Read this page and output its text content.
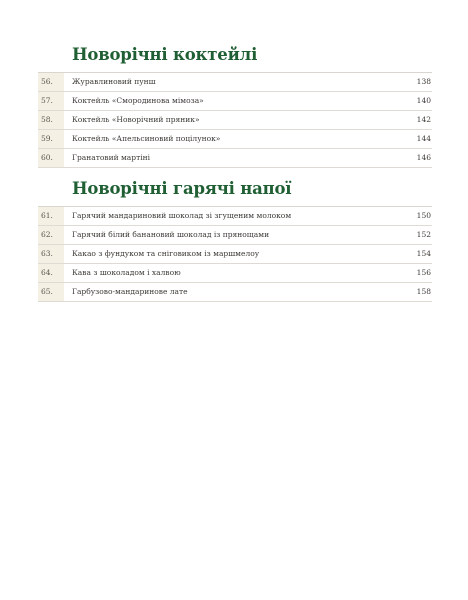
Новорічні коктейлі
56.	Журавлиновий пунш	138
57.	Коктейль «Смородинова мімоза»	140
58.	Коктейль «Новорічний пряник»	142
59.	Коктейль «Апельсиновий поцілунок»	144
60.	Гранатовий мартіні	146
Новорічні гарячі напої
61.	Гарячий мандариновий шоколад зі згущеним молоком	150
62.	Гарячий білий банановий шоколад із прянощами	152
63.	Какао з фундуком та сніговиком із маршмелоу	154
64.	Кава з шоколадом і халвою	156
65.	Гарбузово-мандаринове лате	158
